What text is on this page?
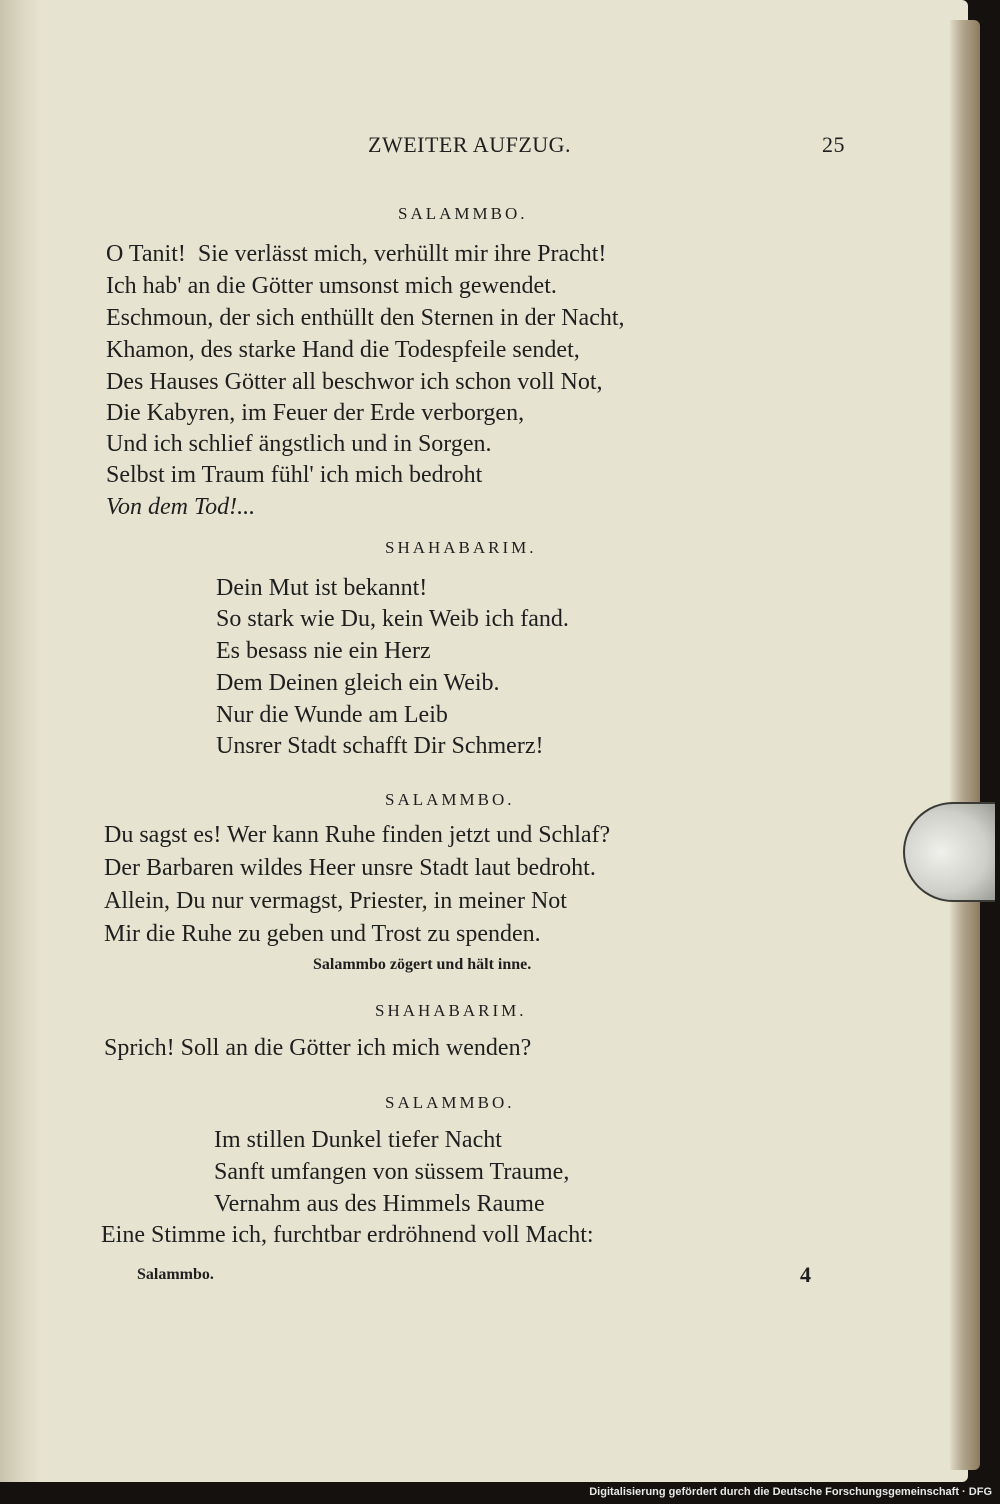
ZWEITER AUFZUG.	25
SALAMMBO.
O Tanit!  Sie verlässt mich, verhüllt mir ihre Pracht!
Ich hab' an die Götter umsonst mich gewendet.
Eschmoun, der sich enthüllt den Sternen in der Nacht,
Khamon, des starke Hand die Todespfeile sendet,
Des Hauses Götter all beschwor ich schon voll Not,
Die Kabyren, im Feuer der Erde verborgen,
Und ich schlief ängstlich und in Sorgen.
Selbst im Traum fühl' ich mich bedroht
Von dem Tod!...
SHAHABARIM.
Dein Mut ist bekannt!
So stark wie Du, kein Weib ich fand.
Es besass nie ein Herz
Dem Deinen gleich ein Weib.
Nur die Wunde am Leib
Unsrer Stadt schafft Dir Schmerz!
SALAMMBO.
Du sagst es! Wer kann Ruhe finden jetzt und Schlaf?
Der Barbaren wildes Heer unsre Stadt laut bedroht.
Allein, Du nur vermagst, Priester, in meiner Not
Mir die Ruhe zu geben und Trost zu spenden.
Salammbo zögert und hält inne.
SHAHABARIM.
Sprich! Soll an die Götter ich mich wenden?
SALAMMBO.
Im stillen Dunkel tiefer Nacht
Sanft umfangen von süssem Traume,
Vernahm aus des Himmels Raume
Eine Stimme ich, furchtbar erdröhnend voll Macht:
Salammbo.	4
Digitalisierung gefördert durch die Deutsche Forschungsgemeinschaft · DFG
